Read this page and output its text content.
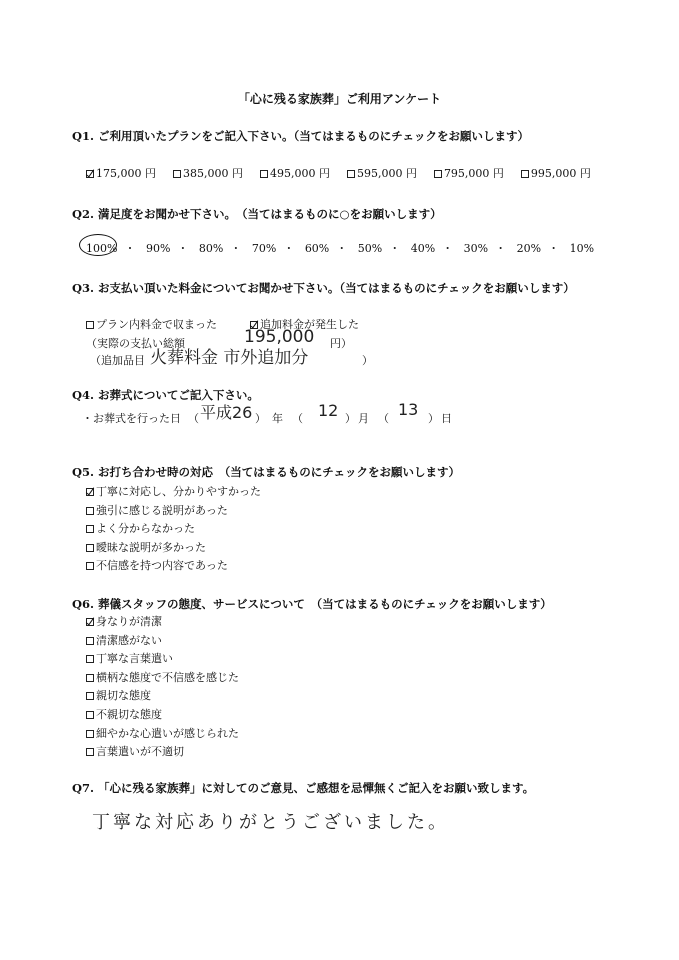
「心に残る家族葬」ご利用アンケート
Q1. ご利用頂いたプランをご記入下さい。（当てはまるものにチェックをお願いします）
175,000 円	385,000 円	495,000 円	595,000 円	795,000 円	995,000 円
Q2. 満足度をお聞かせ下さい。　（当てはまるものに○をお願いします）
100% ・ 90% ・ 80% ・ 70% ・ 60% ・ 50% ・ 40% ・ 30% ・ 20% ・ 10%
Q3. お支払い頂いた料金についてお聞かせ下さい。（当てはまるものにチェックをお願いします）
プラン内料金で収まった	追加料金が発生した
（実際の支払い総額	195,000 円）
（追加品目 火葬料金 市外追加分	）
Q4. お葬式についてご記入下さい。
・お葬式を行った日 （ 平成26 ） 年 （ 12 ） 月 （ 13 ） 日
Q5. お打ち合わせ時の対応　（当てはまるものにチェックをお願いします）
丁寧に対応し、分かりやすかった
強引に感じる説明があった
よく分からなかった
曖昧な説明が多かった
不信感を持つ内容であった
Q6. 葬儀スタッフの態度、サービスについて　（当てはまるものにチェックをお願いします）
身なりが清潔
清潔感がない
丁寧な言葉遣い
横柄な態度で不信感を感じた
親切な態度
不親切な態度
細やかな心遣いが感じられた
言葉遣いが不適切
Q7. 「心に残る家族葬」に対してのご意見、ご感想を忌憚無くご記入をお願い致します。
丁寧な対応ありがとうございました。
